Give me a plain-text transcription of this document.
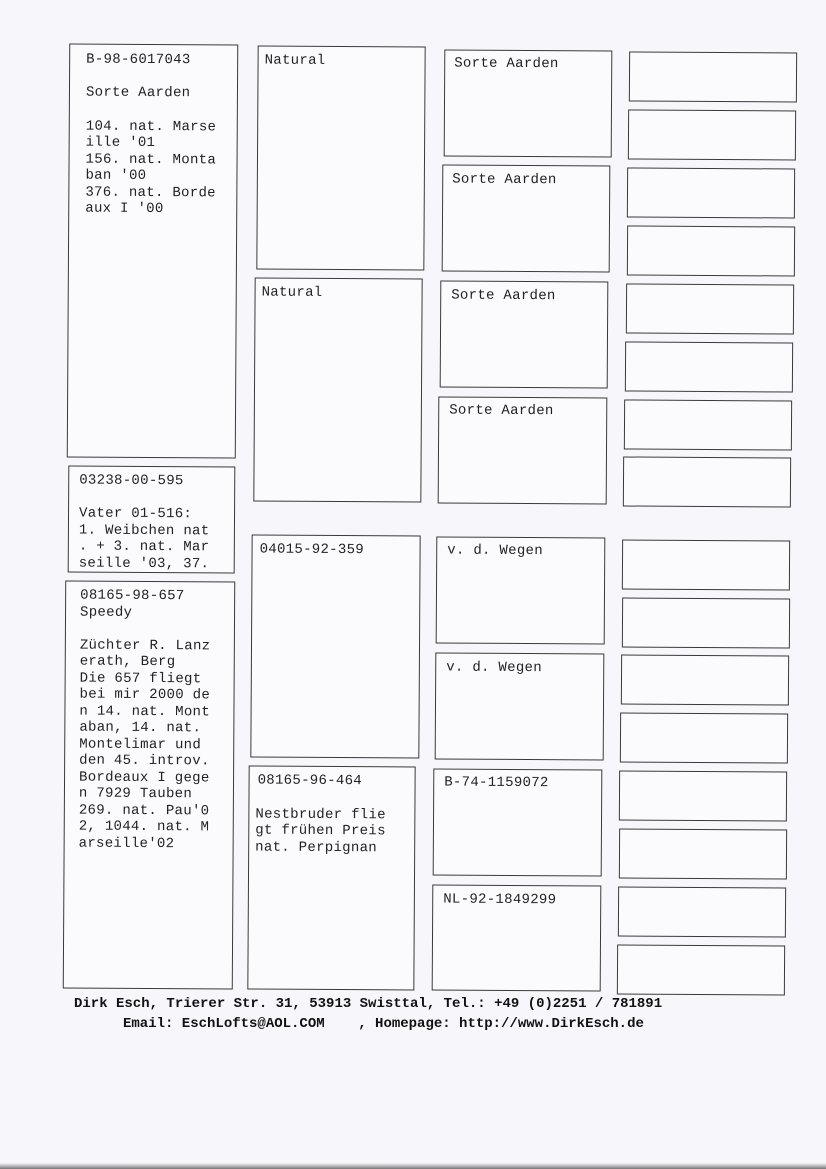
B-98-6017043
Sorte Aarden
104. nat. Marse
ille '01
156. nat. Monta
ban '00
376. nat. Borde
aux I '00
03238-00-595
Vater 01-516:
1. Weibchen nat
. + 3. nat. Mar
seille '03, 37.
08165-98-657
Speedy
Züchter R. Lanz
erath, Berg
Die 657 fliegt
bei mir 2000 de
n 14. nat. Mont
aban, 14. nat.
Montelimar und
den 45. introv.
Bordeaux I gege
n 7929 Tauben
269. nat. Pau'0
2, 1044. nat. M
arseille'02
Natural
Natural
04015-92-359
08165-96-464
Nestbruder flie
gt frühen Preis
nat. Perpignan
Sorte Aarden
Sorte Aarden
Sorte Aarden
Sorte Aarden
v. d. Wegen
v. d. Wegen
B-74-1159072
NL-92-1849299
Dirk Esch, Trierer Str. 31, 53913 Swisttal, Tel.: +49 (0)2251 / 781891
Email: EschLofts@AOL.COM    , Homepage: http://www.DirkEsch.de
